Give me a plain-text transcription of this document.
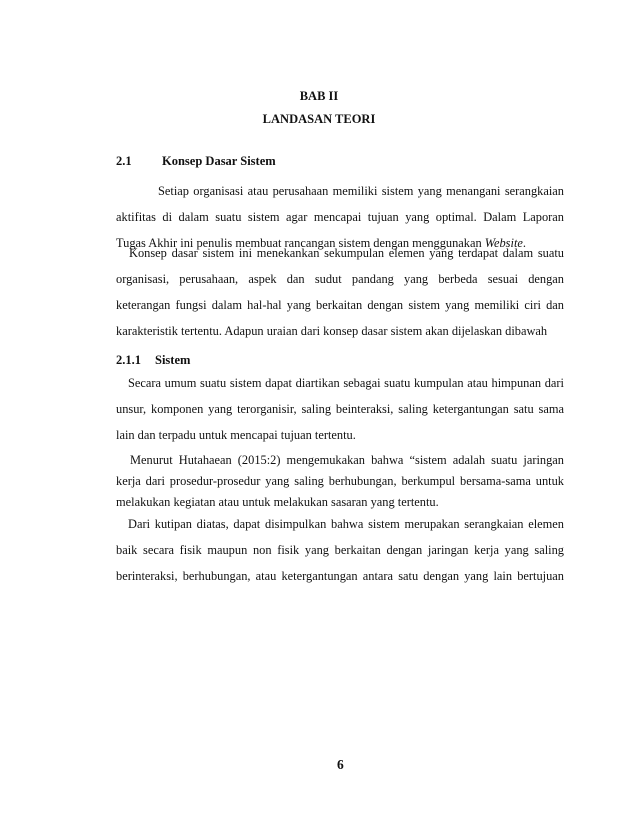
BAB II
LANDASAN TEORI
2.1 Konsep Dasar Sistem
Setiap organisasi atau perusahaan memiliki sistem yang menangani serangkaian
aktifitas di dalam suatu sistem agar mencapai tujuan yang optimal. Dalam Laporan
Tugas Akhir ini penulis membuat rancangan sistem dengan menggunakan Website.
Konsep dasar sistem ini menekankan sekumpulan elemen yang terdapat dalam suatu
organisasi, perusahaan, aspek dan sudut pandang yang berbeda sesuai dengan
keterangan fungsi dalam hal-hal yang berkaitan dengan sistem yang memiliki ciri dan
karakteristik tertentu. Adapun uraian dari konsep dasar sistem akan dijelaskan dibawah
2.1.1 Sistem
Secara umum suatu sistem dapat diartikan sebagai suatu kumpulan atau himpunan dari
unsur, komponen yang terorganisir, saling beinteraksi, saling ketergantungan satu sama
lain dan terpadu untuk mencapai tujuan tertentu.
Menurut Hutahaean (2015:2) mengemukakan bahwa “sistem adalah suatu jaringan
kerja dari prosedur-prosedur yang saling berhubungan, berkumpul bersama-sama untuk
melakukan kegiatan atau untuk melakukan sasaran yang tertentu.
Dari kutipan diatas, dapat disimpulkan bahwa sistem merupakan serangkaian elemen
baik secara fisik maupun non fisik yang berkaitan dengan jaringan kerja yang saling
berinteraksi, berhubungan, atau ketergantungan antara satu dengan yang lain bertujuan
6
